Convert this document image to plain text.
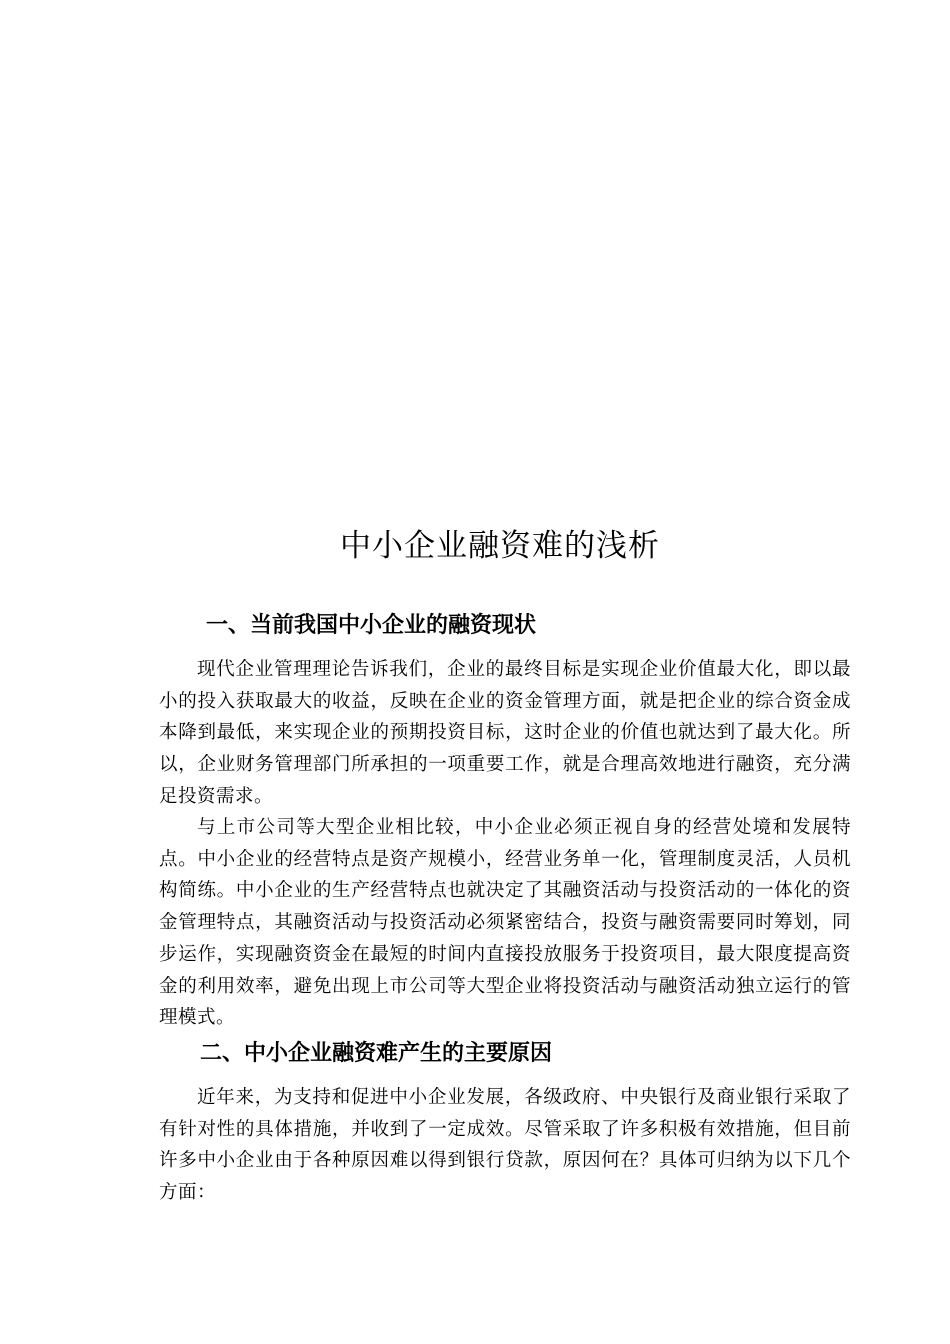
中小企业融资难的浅析
一、当前我国中小企业的融资现状

现代企业管理理论告诉我们，企业的最终目标是实现企业价值最大化，即以最小的投入获取最大的收益，反映在企业的资金管理方面，就是把企业的综合资金成本降到最低，来实现企业的预期投资目标，这时企业的价值也就达到了最大化。所以，企业财务管理部门所承担的一项重要工作，就是合理高效地进行融资，充分满足投资需求。

与上市公司等大型企业相比较，中小企业必须正视自身的经营处境和发展特点。中小企业的经营特点是资产规模小，经营业务单一化，管理制度灵活，人员机构简练。中小企业的生产经营特点也就决定了其融资活动与投资活动的一体化的资金管理特点，其融资活动与投资活动必须紧密结合，投资与融资需要同时筹划，同步运作，实现融资资金在最短的时间内直接投放服务于投资项目，最大限度提高资金的利用效率，避免出现上市公司等大型企业将投资活动与融资活动独立运行的管理模式。

二、中小企业融资难产生的主要原因

近年来，为支持和促进中小企业发展，各级政府、中央银行及商业银行采取了有针对性的具体措施，并收到了一定成效。尽管采取了许多积极有效措施，但目前许多中小企业由于各种原因难以得到银行贷款，原因何在？具体可归纳为以下几个方面：
